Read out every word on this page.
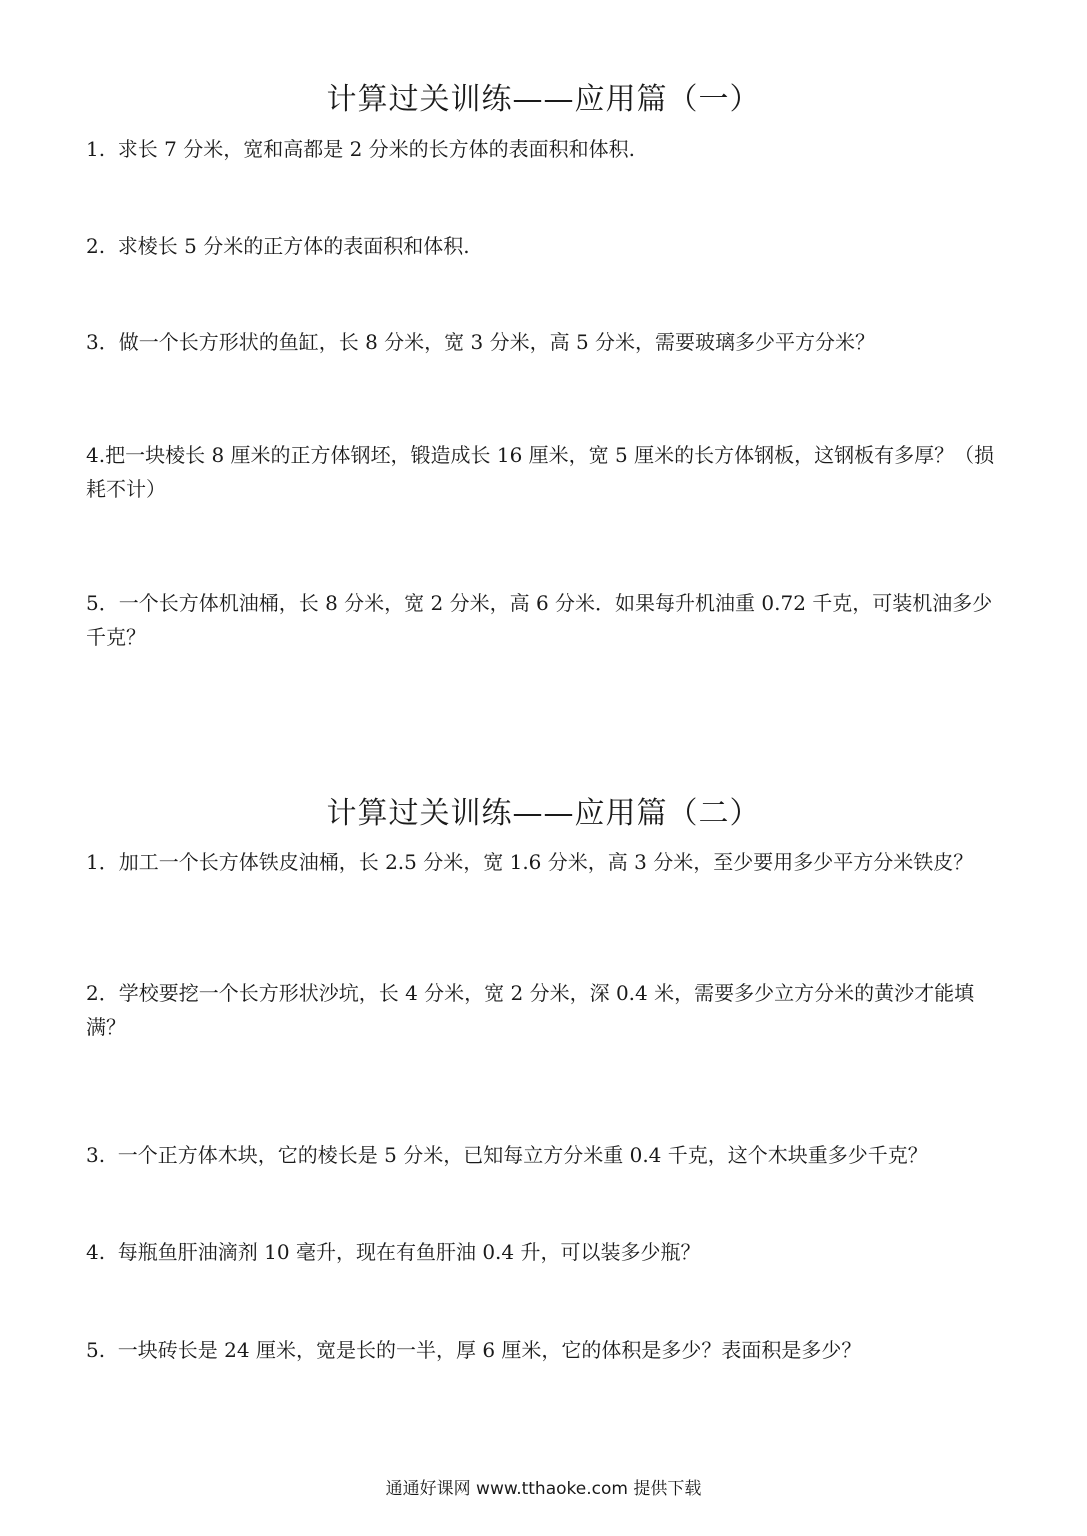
计算过关训练——应用篇（一）

1.  求长 7 分米，宽和高都是 2 分米的长方体的表面积和体积.

2.  求棱长 5 分米的正方体的表面积和体积.

3．做一个长方形状的鱼缸，长 8 分米，宽 3 分米，高 5 分米，需要玻璃多少平方分米？

4.把一块棱长 8 厘米的正方体钢坯，锻造成长 16 厘米，宽 5 厘米的长方体钢板，这钢板有多厚？（损耗不计）

5．一个长方体机油桶，长 8 分米，宽 2 分米，高 6 分米．如果每升机油重 0.72 千克，可装机油多少千克？

计算过关训练——应用篇（二）

1．加工一个长方体铁皮油桶，长 2.5 分米，宽 1.6 分米，高 3 分米，至少要用多少平方分米铁皮？

2．学校要挖一个长方形状沙坑，长 4 分米，宽 2 分米，深 0.4 米，需要多少立方分米的黄沙才能填满？

3.  一个正方体木块，它的棱长是 5 分米，已知每立方分米重 0.4 千克，这个木块重多少千克？

4.  每瓶鱼肝油滴剂 10 毫升，现在有鱼肝油 0.4 升，可以装多少瓶？

5.  一块砖长是 24 厘米，宽是长的一半，厚 6 厘米，它的体积是多少？表面积是多少？

通通好课网 www.tthaoke.com 提供下载
